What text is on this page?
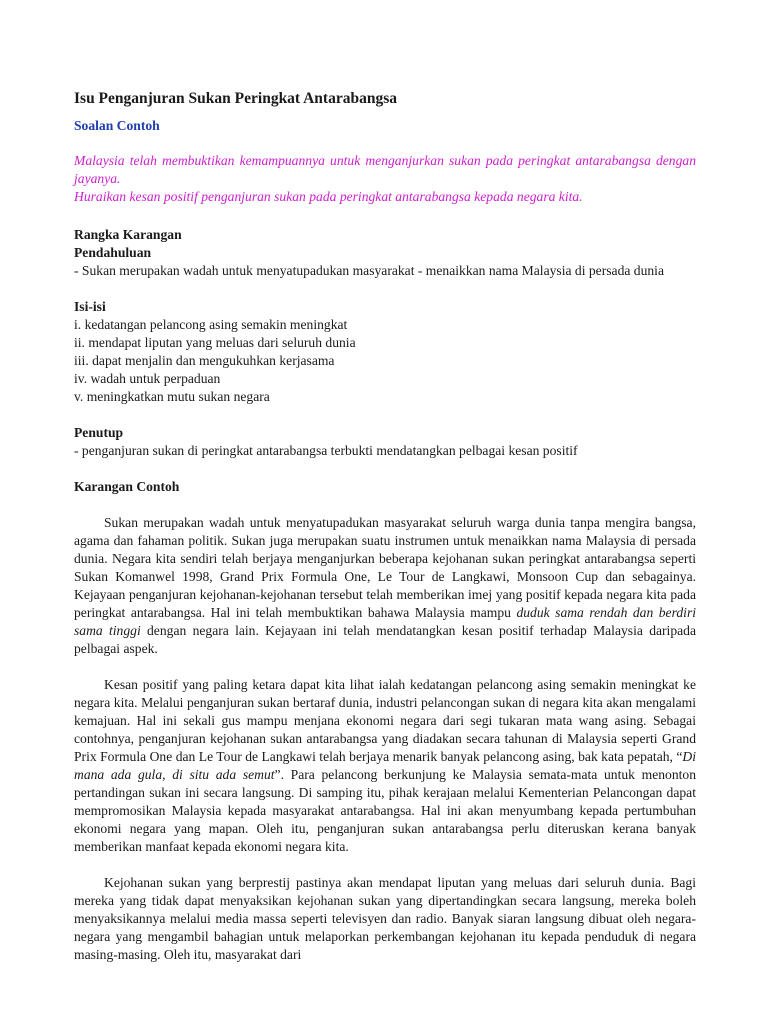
Isu Penganjuran Sukan Peringkat Antarabangsa
Soalan Contoh

Malaysia telah membuktikan kemampuannya untuk menganjurkan sukan pada peringkat antarabangsa dengan jayanya.

Huraikan kesan positif penganjuran sukan pada peringkat antarabangsa kepada negara kita.

Rangka Karangan

Pendahuluan

- Sukan merupakan wadah untuk menyatupadukan masyarakat - menaikkan nama Malaysia di persada dunia

Isi-isi

i. kedatangan pelancong asing semakin meningkat
ii. mendapat liputan yang meluas dari seluruh dunia
iii. dapat menjalin dan mengukuhkan kerjasama
iv. wadah untuk perpaduan
v. meningkatkan mutu sukan negara

Penutup

- penganjuran sukan di peringkat antarabangsa terbukti mendatangkan pelbagai kesan positif

Karangan Contoh

Sukan merupakan wadah untuk menyatupadukan masyarakat seluruh warga dunia tanpa mengira bangsa, agama dan fahaman politik. Sukan juga merupakan suatu instrumen untuk menaikkan nama Malaysia di persada dunia. Negara kita sendiri telah berjaya menganjurkan beberapa kejohanan sukan peringkat antarabangsa seperti Sukan Komanwel 1998, Grand Prix Formula One, Le Tour de Langkawi, Monsoon Cup dan sebagainya. Kejayaan penganjuran kejohanan-kejohanan tersebut telah memberikan imej yang positif kepada negara kita pada peringkat antarabangsa. Hal ini telah membuktikan bahawa Malaysia mampu duduk sama rendah dan berdiri sama tinggi dengan negara lain. Kejayaan ini telah mendatangkan kesan positif terhadap Malaysia daripada pelbagai aspek.

Kesan positif yang paling ketara dapat kita lihat ialah kedatangan pelancong asing semakin meningkat ke negara kita. Melalui penganjuran sukan bertaraf dunia, industri pelancongan sukan di negara kita akan mengalami kemajuan. Hal ini sekali gus mampu menjana ekonomi negara dari segi tukaran mata wang asing. Sebagai contohnya, penganjuran kejohanan sukan antarabangsa yang diadakan secara tahunan di Malaysia seperti Grand Prix Formula One dan Le Tour de Langkawi telah berjaya menarik banyak pelancong asing, bak kata pepatah, “Di mana ada gula, di situ ada semut”. Para pelancong berkunjung ke Malaysia semata-mata untuk menonton pertandingan sukan ini secara langsung. Di samping itu, pihak kerajaan melalui Kementerian Pelancongan dapat mempromosikan Malaysia kepada masyarakat antarabangsa. Hal ini akan menyumbang kepada pertumbuhan ekonomi negara yang mapan. Oleh itu, penganjuran sukan antarabangsa perlu diteruskan kerana banyak memberikan manfaat kepada ekonomi negara kita.

Kejohanan sukan yang berprestij pastinya akan mendapat liputan yang meluas dari seluruh dunia. Bagi mereka yang tidak dapat menyaksikan kejohanan sukan yang dipertandingkan secara langsung, mereka boleh menyaksikannya melalui media massa seperti televisyen dan radio. Banyak siaran langsung dibuat oleh negara-negara yang mengambil bahagian untuk melaporkan perkembangan kejohanan itu kepada penduduk di negara masing-masing. Oleh itu, masyarakat dari
